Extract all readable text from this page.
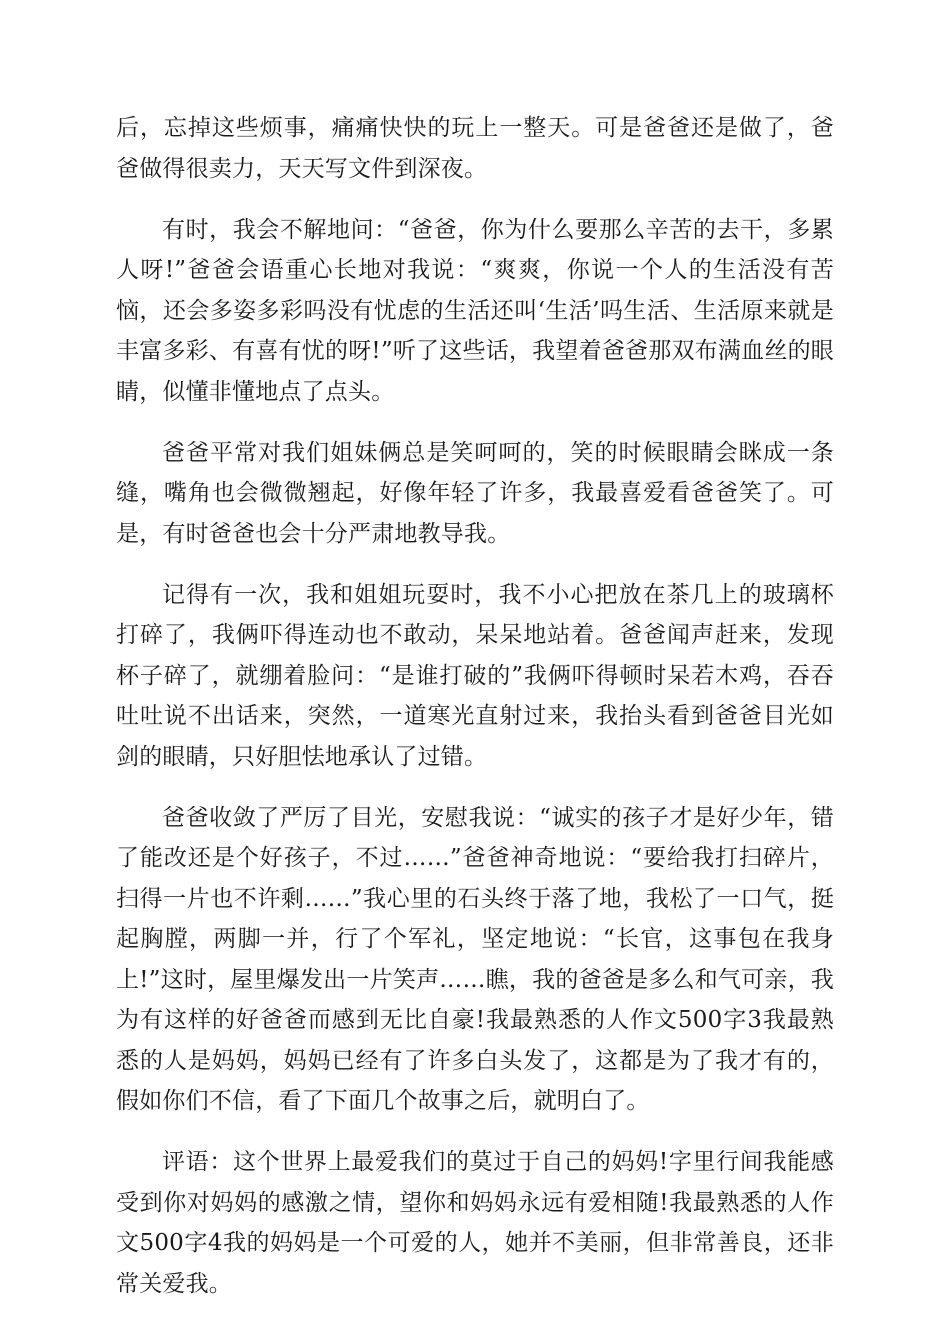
后，忘掉这些烦事，痛痛快快的玩上一整天。可是爸爸还是做了，爸爸做得很卖力，天天写文件到深夜。

有时，我会不解地问：“爸爸，你为什么要那么辛苦的去干，多累人呀!”爸爸会语重心长地对我说：“爽爽，你说一个人的生活没有苦恼，还会多姿多彩吗没有忧虑的生活还叫‘生活’吗生活、生活原来就是丰富多彩、有喜有忧的呀!”听了这些话，我望着爸爸那双布满血丝的眼睛，似懂非懂地点了点头。

爸爸平常对我们姐妹俩总是笑呵呵的，笑的时候眼睛会眯成一条缝，嘴角也会微微翘起，好像年轻了许多，我最喜爱看爸爸笑了。可是，有时爸爸也会十分严肃地教导我。

记得有一次，我和姐姐玩耍时，我不小心把放在茶几上的玻璃杯打碎了，我俩吓得连动也不敢动，呆呆地站着。爸爸闻声赶来，发现杯子碎了，就绷着脸问：“是谁打破的”我俩吓得顿时呆若木鸡，吞吞吐吐说不出话来，突然，一道寒光直射过来，我抬头看到爸爸目光如剑的眼睛，只好胆怯地承认了过错。

爸爸收敛了严厉了目光，安慰我说：“诚实的孩子才是好少年，错了能改还是个好孩子，不过……”爸爸神奇地说：“要给我打扫碎片，扫得一片也不许剩……”我心里的石头终于落了地，我松了一口气，挺起胸膛，两脚一并，行了个军礼，坚定地说：“长官，这事包在我身上!”这时，屋里爆发出一片笑声……瞧，我的爸爸是多么和气可亲，我为有这样的好爸爸而感到无比自豪!我最熟悉的人作文500字3我最熟悉的人是妈妈，妈妈已经有了许多白头发了，这都是为了我才有的，假如你们不信，看了下面几个故事之后，就明白了。

评语：这个世界上最爱我们的莫过于自己的妈妈!字里行间我能感受到你对妈妈的感激之情，望你和妈妈永远有爱相随!我最熟悉的人作文500字4我的妈妈是一个可爱的人，她并不美丽，但非常善良，还非常关爱我。
